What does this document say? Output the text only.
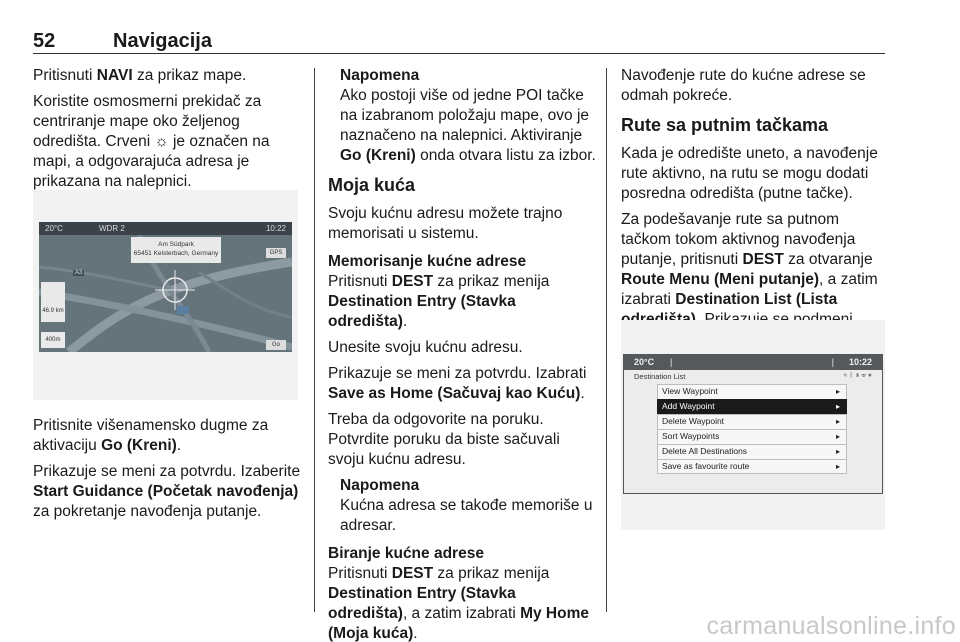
52	Navigacija

Pritisnuti NAVI za prikaz mape.

Koristite osmosmerni prekidač za centriranje mape oko željenog odredišta. Crveni ☼ je označen na mapi, a odgovarajuća adresa je prikazana na nalepnici.

20°C	WDR 2	10:22
Am Südpark
65451 Kelsterbach, Germany	GPS
46.9 km
400m
Go
A3

Pritisnite višenamensko dugme za aktivaciju Go (Kreni).

Prikazuje se meni za potvrdu. Izaberite Start Guidance (Početak navođenja) za pokretanje navođenja putanje.

Napomena

Ako postoji više od jedne POI tačke na izabranom položaju mape, ovo je naznačeno na nalepnici. Aktiviranje Go (Kreni) onda otvara listu za izbor.

Moja kuća

Svoju kućnu adresu možete trajno memorisati u sistemu.

Memorisanje kućne adrese

Pritisnuti DEST za prikaz menija Destination Entry (Stavka odredišta).

Unesite svoju kućnu adresu.

Prikazuje se meni za potvrdu. Izabrati Save as Home (Sačuvaj kao Kuću).

Treba da odgovorite na poruku. Potvrdite poruku da biste sačuvali svoju kućnu adresu.

Napomena

Kućna adresa se takođe memoriše u adresar.

Biranje kućne adrese

Pritisnuti DEST za prikaz menija Destination Entry (Stavka odredišta), a zatim izabrati My Home (Moja kuća).

Navođenje rute do kućne adrese se odmah pokreće.

Rute sa putnim tačkama

Kada je odredište uneto, a navođenje rute aktivno, na rutu se mogu dodati posredna odredišta (putne tačke).

Za podešavanje rute sa putnom tačkom tokom aktivnog navođenja putanje, pritisnuti DEST za otvaranje Route Menu (Meni putanje), a zatim izabrati Destination List (Lista

20°C |	| 10:22
Destination List	≋ ᛒ ▮ ☏ ●
View Waypoint	▸
Add Waypoint	▸
Delete Waypoint	▸
Sort Waypoints	▸
Delete All Destinations	▸
Save as favourite route	▸
carmanualsonline.info
